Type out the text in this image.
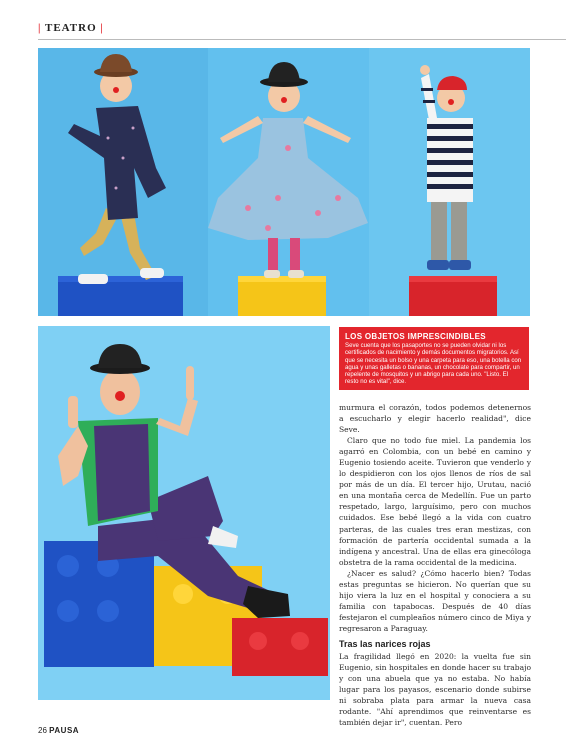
| TEATRO |
LOS OBJETOS IMPRESCINDIBLES
Seve cuenta que los pasaportes no se pueden olvidar ni los certificados de nacimiento y demás documentos migratorios. Así que se necesita un bolso y una carpeta para eso, una botella con agua y unas galletas o bananas, un chocolate para compartir, un repelente de mosquitos y un abrigo para cada uno. "Listo. El resto no es vital", dice.

murmura el corazón, todos podemos detenernos a escucharlo y elegir hacerlo realidad", dice Seve.

Claro que no todo fue miel. La pandemia los agarró en Colombia, con un bebé en camino y Eugenio tosiendo aceite. Tuvieron que venderlo y lo despidieron con los ojos llenos de ríos de sal por más de un día. El tercer hijo, Urutau, nació en una montaña cerca de Medellín. Fue un parto respetado, largo, larguísimo, pero con muchos cuidados. Ese bebé llegó a la vida con cuatro parteras, de las cuales tres eran mestizas, con formación de partería occidental sumada a la indígena y ancestral. Una de ellas era ginecóloga obstetra de la rama occidental de la medicina.

¿Nacer es salud? ¿Cómo hacerlo bien? Todas estas preguntas se hicieron. No querían que su hijo viera la luz en el hospital y conociera a su familia con tapabocas. Después de 40 días festejaron el cumpleaños número cinco de Miya y regresaron a Paraguay.

Tras las narices rojas

La fragilidad llegó en 2020: la vuelta fue sin Eugenio, sin hospitales en donde hacer su trabajo y con una abuela que ya no estaba. No había lugar para los payasos, escenario donde subirse ni sobraba plata para armar la nueva casa rodante. "Ahí aprendimos que reinventarse es también dejar ir", cuentan. Pero

26 PAUSA
